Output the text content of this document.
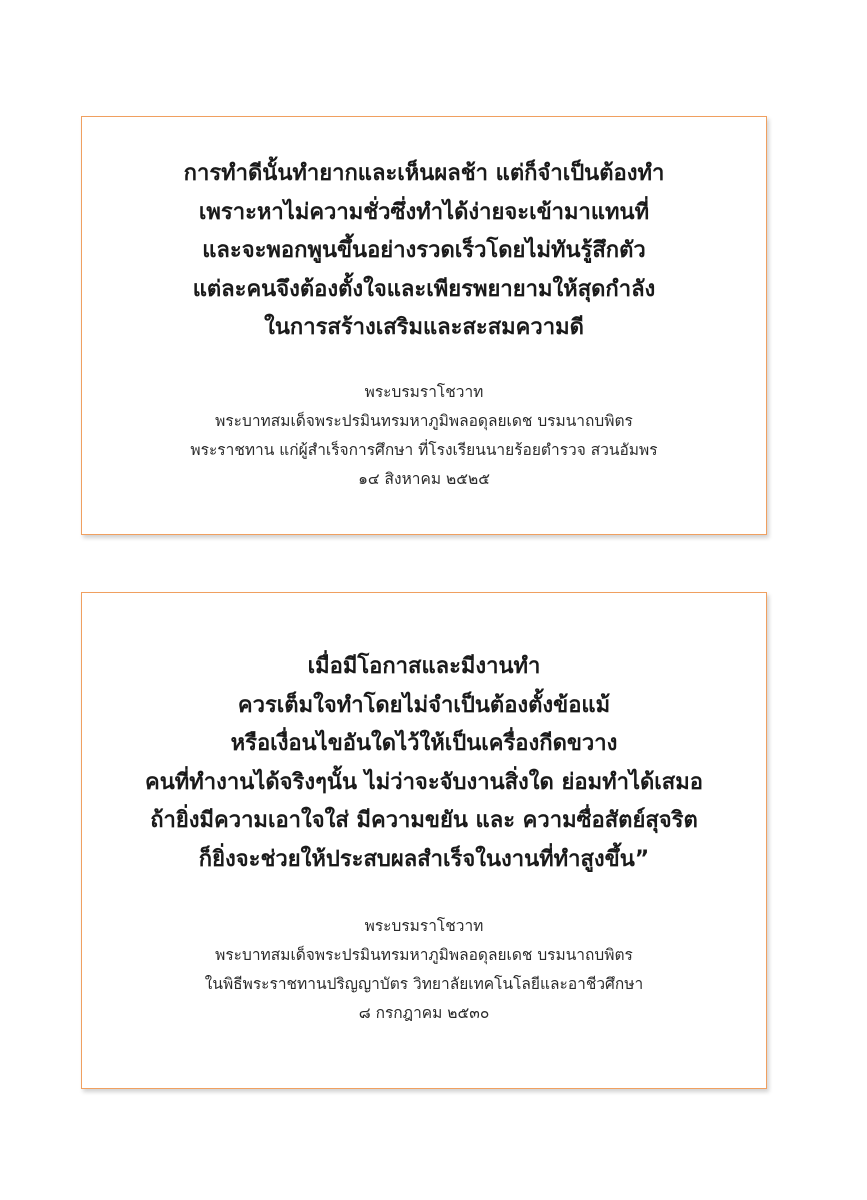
การทำดีนั้นทำยากและเห็นผลช้า แต่ก็จำเป็นต้องทำ
เพราะหาไม่ความชั่วซึ่งทำได้ง่ายจะเข้ามาแทนที่
และจะพอกพูนขึ้นอย่างรวดเร็วโดยไม่ทันรู้สึกตัว
แต่ละคนจึงต้องตั้งใจและเพียรพยายามให้สุดกำลัง
ในการสร้างเสริมและสะสมความดี

พระบรมราโชวาท
พระบาทสมเด็จพระปรมินทรมหาภูมิพลอดุลยเดช บรมนาถบพิตร
พระราชทาน แก่ผู้สำเร็จการศึกษา ที่โรงเรียนนายร้อยตำรวจ สวนอัมพร
๑๔ สิงหาคม ๒๕๒๕

เมื่อมีโอกาสและมีงานทำ
ควรเต็มใจทำโดยไม่จำเป็นต้องตั้งข้อแม้
หรือเงื่อนไขอันใดไว้ให้เป็นเครื่องกีดขวาง
คนที่ทำงานได้จริงๆนั้น ไม่ว่าจะจับงานสิ่งใด ย่อมทำได้เสมอ
ถ้ายิ่งมีความเอาใจใส่ มีความขยัน และ ความซื่อสัตย์สุจริต
ก็ยิ่งจะช่วยให้ประสบผลสำเร็จในงานที่ทำสูงขึ้น”

พระบรมราโชวาท
พระบาทสมเด็จพระปรมินทรมหาภูมิพลอดุลยเดช บรมนาถบพิตร
ในพิธีพระราชทานปริญญาบัตร วิทยาลัยเทคโนโลยีและอาชีวศึกษา
๘ กรกฎาคม ๒๕๓๐
